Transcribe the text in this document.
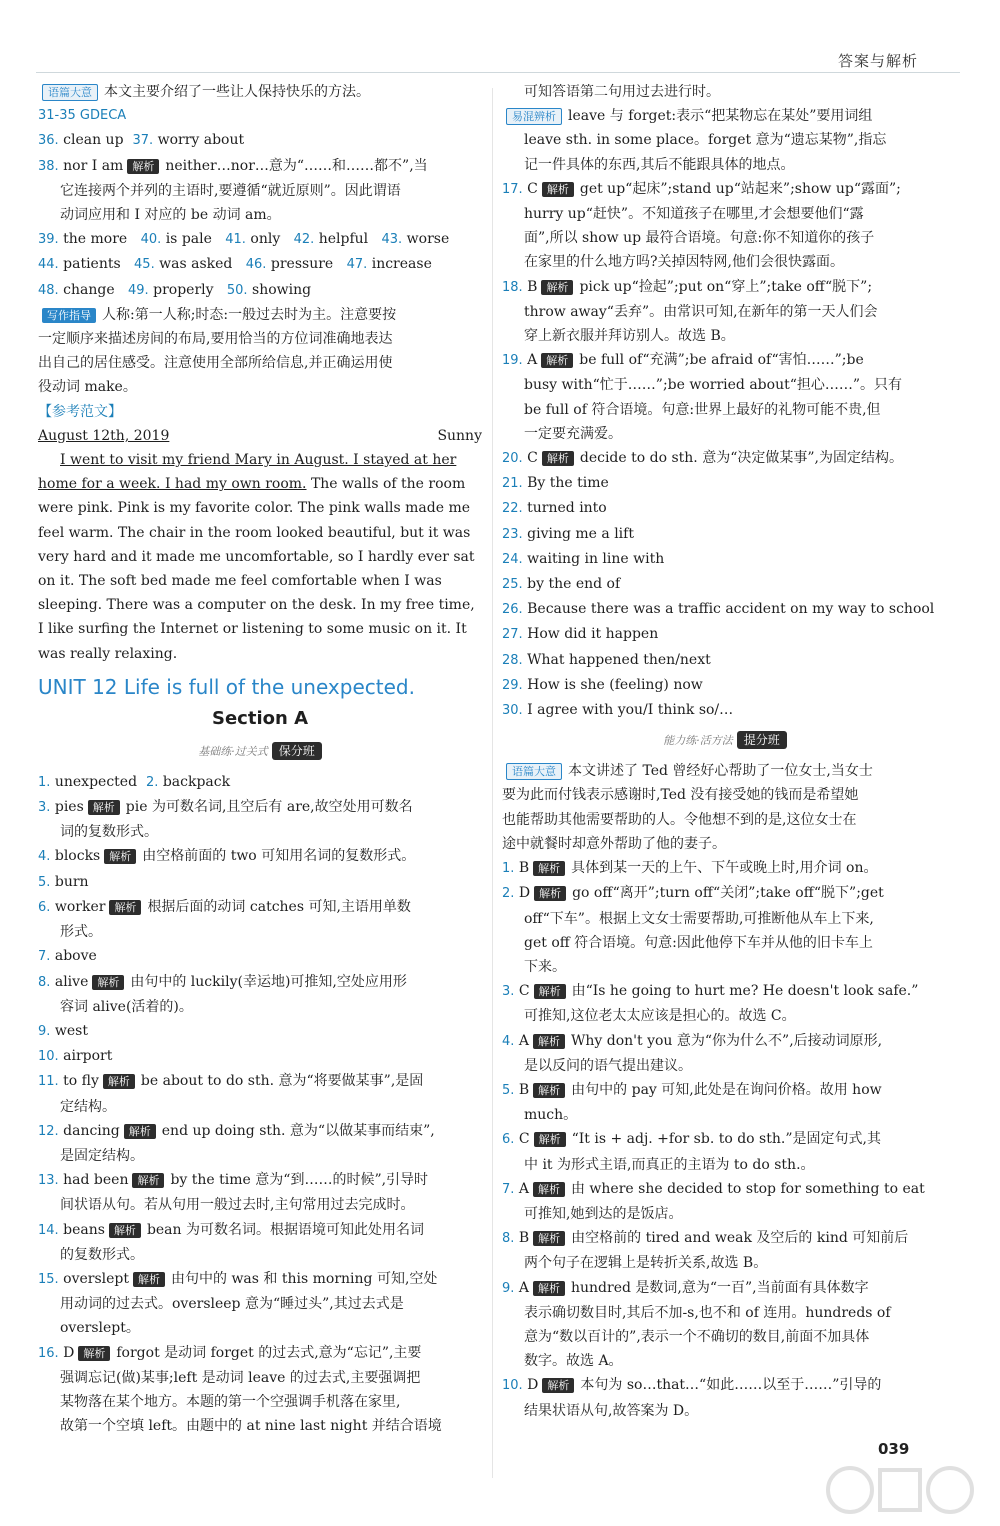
答案与解析

语篇大意 本文主要介绍了一些让人保持快乐的方法。

31-35 GDECA

36. clean up 37. worry about

38. nor I am 解析 neither…nor…意为“……和……都不”,当

它连接两个并列的主语时,要遵循“就近原则”。因此谓语

动词应用和 I 对应的 be 动词 am。

39. the more 40. is pale 41. only 42. helpful 43. worse

44. patients 45. was asked 46. pressure 47. increase

48. change 49. properly 50. showing

写作指导 人称:第一人称;时态:一般过去时为主。注意要按

一定顺序来描述房间的布局,要用恰当的方位词准确地表达

出自己的居住感受。注意使用全部所给信息,并正确运用使

役动词 make。

【参考范文】

August 12th, 2019	Sunny

I went to visit my friend Mary in August. I stayed at her

home for a week. I had my own room. The walls of the room

were pink. Pink is my favorite color. The pink walls made me

feel warm. The chair in the room looked beautiful, but it was

very hard and it made me uncomfortable, so I hardly ever sat

on it. The soft bed made me feel comfortable when I was

sleeping. There was a computer on the desk. In my free time,

I like surfing the Internet or listening to some music on it. It

was really relaxing.

UNIT 12 Life is full of the unexpected.

Section A

基础练·过关式 保分班

1. unexpected 2. backpack

3. pies 解析 pie 为可数名词,且空后有 are,故空处用可数名

词的复数形式。

4. blocks 解析 由空格前面的 two 可知用名词的复数形式。

5. burn

6. worker 解析 根据后面的动词 catches 可知,主语用单数

形式。

7. above

8. alive 解析 由句中的 luckily(幸运地)可推知,空处应用形

容词 alive(活着的)。

9. west

10. airport

11. to fly 解析 be about to do sth. 意为“将要做某事”,是固

定结构。

12. dancing 解析 end up doing sth. 意为“以做某事而结束”,

是固定结构。

13. had been 解析 by the time 意为“到……的时候”,引导时

间状语从句。若从句用一般过去时,主句常用过去完成时。

14. beans 解析 bean 为可数名词。根据语境可知此处用名词

的复数形式。

15. overslept 解析 由句中的 was 和 this morning 可知,空处

用动词的过去式。oversleep 意为“睡过头”,其过去式是

overslept。

16. D 解析 forgot 是动词 forget 的过去式,意为“忘记”,主要

强调忘记(做)某事;left 是动词 leave 的过去式,主要强调把

某物落在某个地方。本题的第一个空强调手机落在家里,

故第一个空填 left。由题中的 at nine last night 并结合语境

可知答语第二句用过去进行时。

易混辨析 leave 与 forget:表示“把某物忘在某处”要用词组

leave sth. in some place。forget 意为“遗忘某物”,指忘

记一件具体的东西,其后不能跟具体的地点。

17. C 解析 get up“起床”;stand up“站起来”;show up“露面”;

hurry up“赶快”。不知道孩子在哪里,才会想要他们“露

面”,所以 show up 最符合语境。句意:你不知道你的孩子

在家里的什么地方吗?关掉因特网,他们会很快露面。

18. B 解析 pick up“捡起”;put on“穿上”;take off“脱下”;

throw away“丢弃”。由常识可知,在新年的第一天人们会

穿上新衣服并拜访别人。故选 B。

19. A 解析 be full of“充满”;be afraid of“害怕……”;be

busy with“忙于……”;be worried about“担心……”。只有

be full of 符合语境。句意:世界上最好的礼物可能不贵,但

一定要充满爱。

20. C 解析 decide to do sth. 意为“决定做某事”,为固定结构。

21. By the time

22. turned into

23. giving me a lift

24. waiting in line with

25. by the end of

26. Because there was a traffic accident on my way to school

27. How did it happen

28. What happened then/next

29. How is she (feeling) now

30. I agree with you/I think so/…

能力练·活方法 提分班

语篇大意 本文讲述了 Ted 曾经好心帮助了一位女士,当女士

要为此而付钱表示感谢时,Ted 没有接受她的钱而是希望她

也能帮助其他需要帮助的人。令他想不到的是,这位女士在

途中就餐时却意外帮助了他的妻子。

1. B 解析 具体到某一天的上午、下午或晚上时,用介词 on。

2. D 解析 go off“离开”;turn off“关闭”;take off“脱下”;get

off“下车”。根据上文女士需要帮助,可推断他从车上下来,

get off 符合语境。句意:因此他停下车并从他的旧卡车上

下来。

3. C 解析 由“Is he going to hurt me? He doesn't look safe.”

可推知,这位老太太应该是担心的。故选 C。

4. A 解析 Why don't you 意为“你为什么不”,后接动词原形,

是以反问的语气提出建议。

5. B 解析 由句中的 pay 可知,此处是在询问价格。故用 how

much。

6. C 解析 “It is + adj. +for sb. to do sth.”是固定句式,其

中 it 为形式主语,而真正的主语为 to do sth.。

7. A 解析 由 where she decided to stop for something to eat

可推知,她到达的是饭店。

8. B 解析 由空格前的 tired and weak 及空后的 kind 可知前后

两个句子在逻辑上是转折关系,故选 B。

9. A 解析 hundred 是数词,意为“一百”,当前面有具体数字

表示确切数目时,其后不加-s,也不和 of 连用。hundreds of

意为“数以百计的”,表示一个不确切的数目,前面不加具体

数字。故选 A。

10. D 解析 本句为 so…that…“如此……以至于……”引导的

结果状语从句,故答案为 D。

039
